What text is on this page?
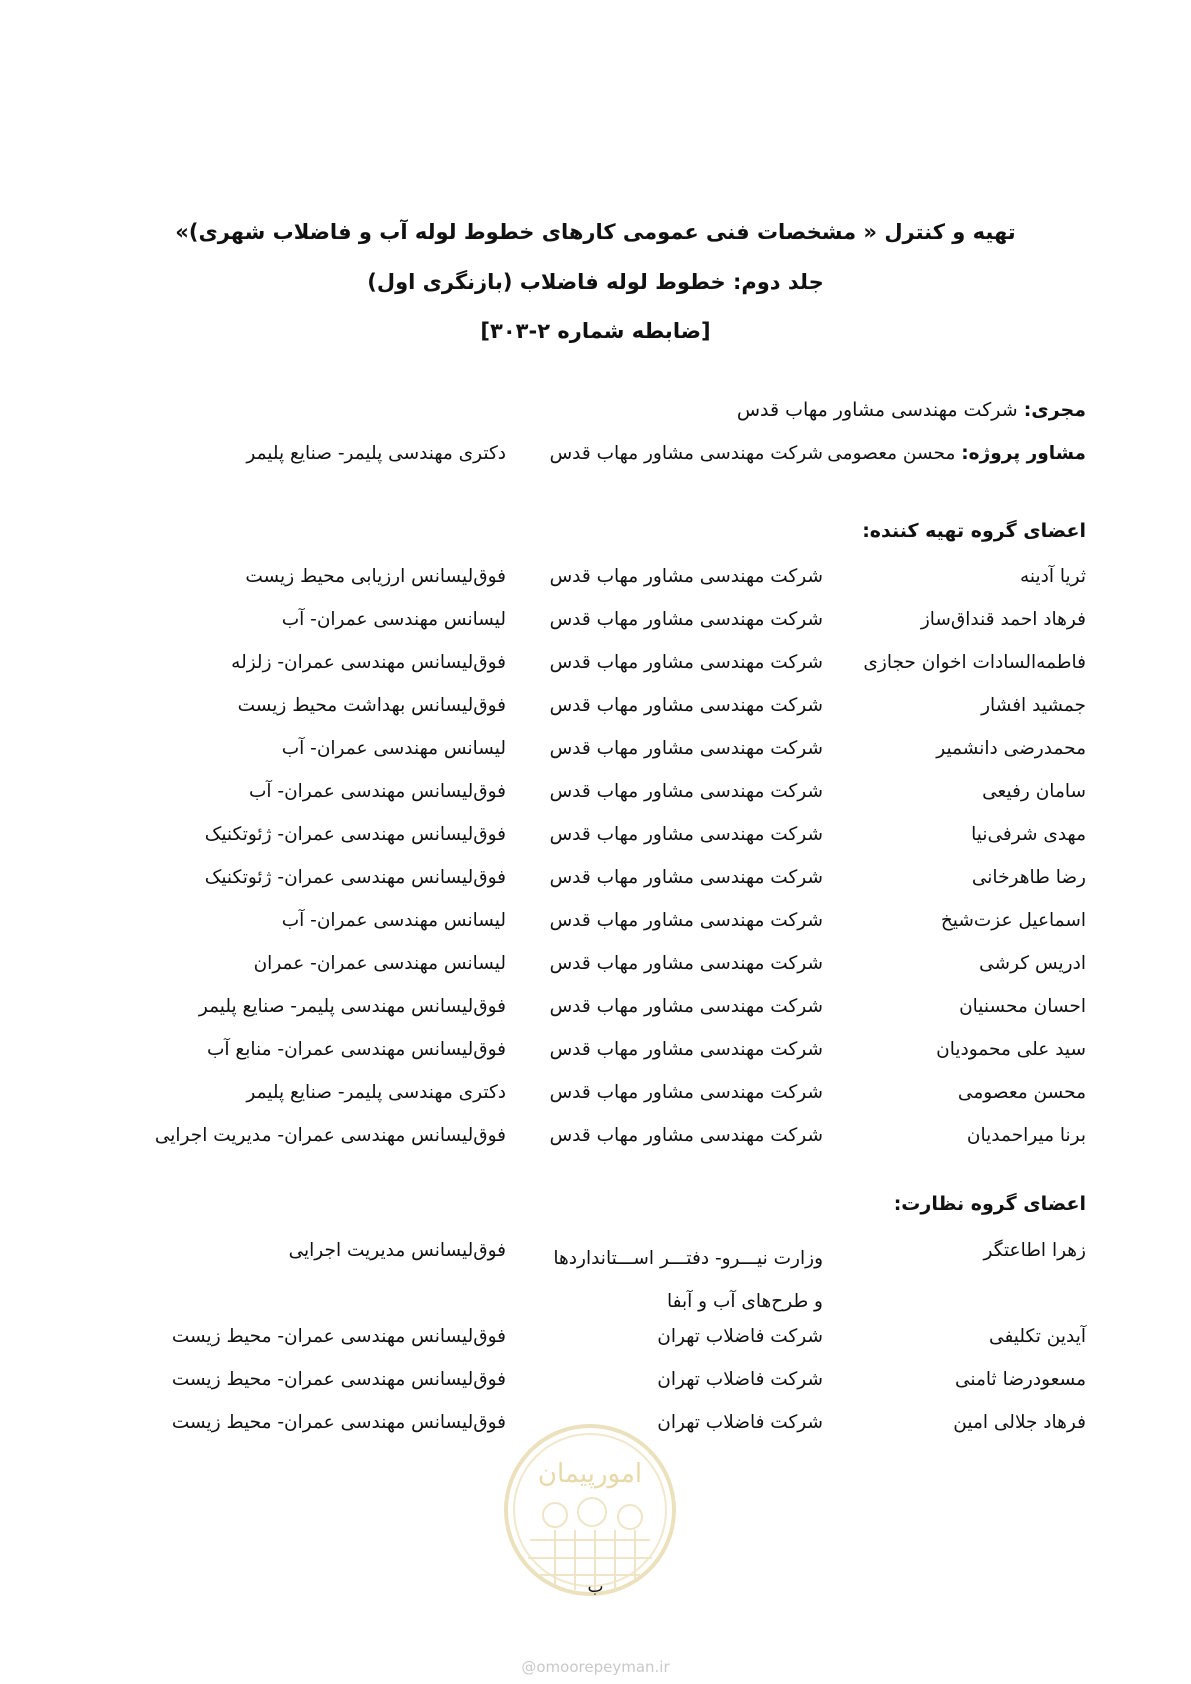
تهیه و کنترل « مشخصات فنی عمومی کارهای خطوط لوله آب و فاضلاب شهری)»
جلد دوم: خطوط لوله فاضلاب (بازنگری اول)
[ضابطه شماره ۲-۳۰۳]
مجری: شرکت مهندسی مشاور مهاب قدس
مشاور پروژه: محسن معصومی
شرکت مهندسی مشاور مهاب قدس
دکتری مهندسی پلیمر- صنایع پلیمر
اعضای گروه تهیه کننده:
ثریا آدینه
شرکت مهندسی مشاور مهاب قدس
فوق‌لیسانس ارزیابی محیط زیست
فرهاد احمد قنداق‌ساز
شرکت مهندسی مشاور مهاب قدس
لیسانس مهندسی عمران- آب
فاطمه‌السادات اخوان حجازی
شرکت مهندسی مشاور مهاب قدس
فوق‌لیسانس مهندسی عمران- زلزله
جمشید افشار
شرکت مهندسی مشاور مهاب قدس
فوق‌لیسانس بهداشت محیط زیست
محمدرضی دانشمیر
شرکت مهندسی مشاور مهاب قدس
لیسانس مهندسی عمران- آب
سامان رفیعی
شرکت مهندسی مشاور مهاب قدس
فوق‌لیسانس مهندسی عمران- آب
مهدی شرفی‌نیا
شرکت مهندسی مشاور مهاب قدس
فوق‌لیسانس مهندسی عمران- ژئوتکنیک
رضا طاهرخانی
شرکت مهندسی مشاور مهاب قدس
فوق‌لیسانس مهندسی عمران- ژئوتکنیک
اسماعیل عزت‌شیخ
شرکت مهندسی مشاور مهاب قدس
لیسانس مهندسی عمران- آب
ادریس کرشی
شرکت مهندسی مشاور مهاب قدس
لیسانس مهندسی عمران- عمران
احسان محسنیان
شرکت مهندسی مشاور مهاب قدس
فوق‌لیسانس مهندسی پلیمر- صنایع پلیمر
سید علی محمودیان
شرکت مهندسی مشاور مهاب قدس
فوق‌لیسانس مهندسی عمران- منابع آب
محسن معصومی
شرکت مهندسی مشاور مهاب قدس
دکتری مهندسی پلیمر- صنایع پلیمر
برنا میراحمدیان
شرکت مهندسی مشاور مهاب قدس
فوق‌لیسانس مهندسی عمران- مدیریت اجرایی
اعضای گروه نظارت:
زهرا اطاعتگر
وزارت نیـــرو- دفتـــر اســـتانداردها و طرح‌های آب و آبفا
فوق‌لیسانس مدیریت اجرایی
آیدین تکلیفی
شرکت فاضلاب تهران
فوق‌لیسانس مهندسی عمران- محیط زیست
مسعودرضا ثامنی
شرکت فاضلاب تهران
فوق‌لیسانس مهندسی عمران- محیط زیست
فرهاد جلالی امین
شرکت فاضلاب تهران
فوق‌لیسانس مهندسی عمران- محیط زیست
امورپیمان
ب
@omoorepeyman.ir
